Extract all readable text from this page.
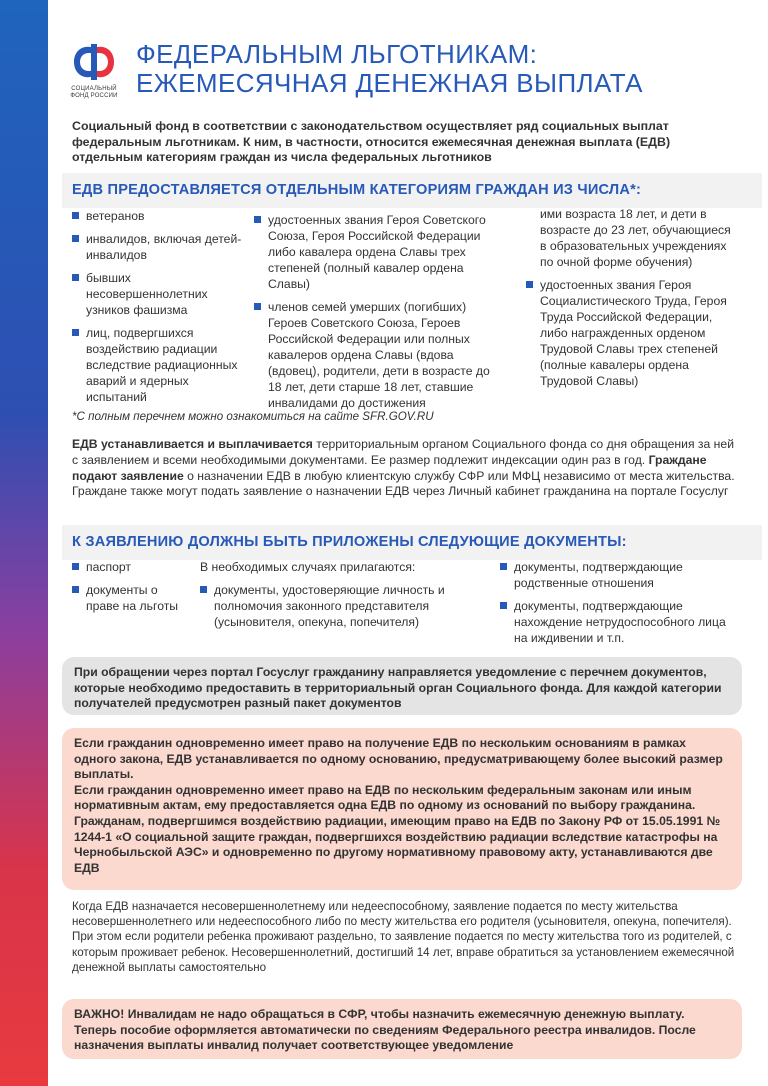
СОЦИАЛЬНЫЙ
ФОНД РОССИИ
ФЕДЕРАЛЬНЫМ ЛЬГОТНИКАМ:
ЕЖЕМЕСЯЧНАЯ ДЕНЕЖНАЯ ВЫПЛАТА
Социальный фонд в соответствии с законодательством осуществляет ряд социальных выплат федеральным льготникам. К ним, в частности, относится ежемесячная денежная выплата (ЕДВ) отдельным категориям граждан из числа федеральных льготников
ЕДВ ПРЕДОСТАВЛЯЕТСЯ ОТДЕЛЬНЫМ КАТЕГОРИЯМ ГРАЖДАН ИЗ ЧИСЛА*:
ветеранов
инвалидов, включая детей-инвалидов
бывших несовершеннолетних узников фашизма
лиц, подвергшихся воздействию радиации вследствие радиационных аварий и ядерных испытаний
удостоенных звания Героя Советского Союза, Героя Российской Федерации либо кавалера ордена Славы трех степеней (полный кавалер ордена Славы)
членов семей умерших (погибших) Героев Советского Союза, Героев Российской Федерации или полных кавалеров ордена Славы (вдова (вдовец), родители, дети в возрасте до 18 лет, дети старше 18 лет, ставшие инвалидами до достижения
ими возраста 18 лет, и дети в возрасте до 23 лет, обучающиеся в образовательных учреждениях по очной форме обучения)
удостоенных звания Героя Социалистического Труда, Героя Труда Российской Федерации, либо награжденных орденом Трудовой Славы трех степеней (полные кавалеры ордена Трудовой Славы)
*С полным перечнем можно ознакомиться на сайте SFR.GOV.RU
ЕДВ устанавливается и выплачивается территориальным органом Социального фонда со дня обращения за ней с заявлением и всеми необходимыми документами. Ее размер подлежит индексации один раз в год. Граждане подают заявление о назначении ЕДВ в любую клиентскую службу СФР или МФЦ независимо от места жительства. Граждане также могут подать заявление о назначении ЕДВ через Личный кабинет гражданина на портале Госуслуг
К ЗАЯВЛЕНИЮ ДОЛЖНЫ БЫТЬ ПРИЛОЖЕНЫ СЛЕДУЮЩИЕ ДОКУМЕНТЫ:
паспорт
документы о праве на льготы
В необходимых случаях прилагаются:
документы, удостоверяющие личность и полномочия законного представителя (усыновителя, опекуна, попечителя)
документы, подтверждающие родственные отношения
документы, подтверждающие нахождение нетрудоспособного лица на иждивении и т.п.
При обращении через портал Госуслуг гражданину направляется уведомление с перечнем документов, которые необходимо предоставить в территориальный орган Социального фонда. Для каждой категории получателей предусмотрен разный пакет документов

Если гражданин одновременно имеет право на получение ЕДВ по нескольким основаниям в рамках одного закона, ЕДВ устанавливается по одному основанию, предусматривающему более высокий размер выплаты.

Если гражданин одновременно имеет право на ЕДВ по нескольким федеральным законам или иным нормативным актам, ему предоставляется одна ЕДВ по одному из оснований по выбору гражданина.

Гражданам, подвергшимся воздействию радиации, имеющим право на ЕДВ по Закону РФ от 15.05.1991 № 1244-1 «О социальной защите граждан, подвергшихся воздействию радиации вследствие катастрофы на Чернобыльской АЭС» и одновременно по другому нормативному правовому акту, устанавливаются две ЕДВ

Когда ЕДВ назначается несовершеннолетнему или недееспособному, заявление подается по месту жительства несовершеннолетнего или недееспособного либо по месту жительства его родителя (усыновителя, опекуна, попечителя). При этом если родители ребенка проживают раздельно, то заявление подается по месту жительства того из родителей, с которым проживает ребенок. Несовершеннолетний, достигший 14 лет, вправе обратиться за установлением ежемесячной денежной выплаты самостоятельно
ВАЖНО! Инвалидам не надо обращаться в СФР, чтобы назначить ежемесячную денежную выплату. Теперь пособие оформляется автоматически по сведениям Федерального реестра инвалидов. После назначения выплаты инвалид получает соответствующее уведомление
